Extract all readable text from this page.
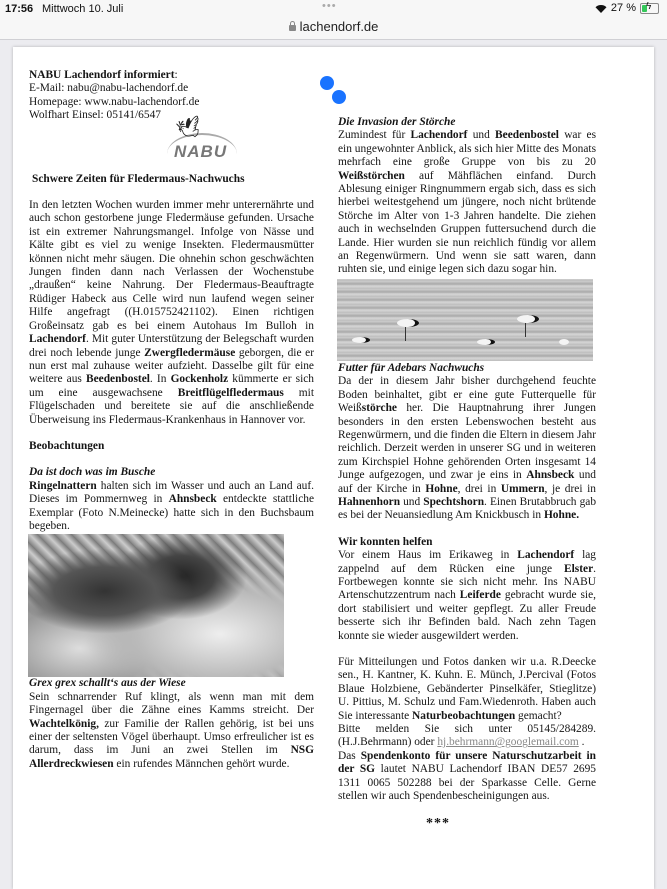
17:56 Mittwoch 10. Juli	•••	27 % ϟ
lachendorf.de

NABU Lachendorf informiert:
E-Mail: nabu@nabu-lachendorf.de
Homepage: www.nabu-lachendorf.de
Wolfhart Einsel: 05141/6547 🕊
NABU

Schwere Zeiten für Fledermaus-Nachwuchs

In den letzten Wochen wurden immer mehr unterernährte und auch schon gestorbene junge Fledermäuse gefunden. Ursache ist ein extremer Nahrungsmangel. Infolge von Nässe und Kälte gibt es viel zu wenige Insekten. Fledermausmütter können nicht mehr säugen. Die ohnehin schon geschwächten Jungen finden dann nach Verlassen der Wochenstube „draußen“ keine Nahrung. Der Fledermaus-Beauftragte Rüdiger Habeck aus Celle wird nun laufend wegen seiner Hilfe angefragt ((H.015752421102). Einen richtigen Großeinsatz gab es bei einem Autohaus Im Bulloh in Lachendorf. Mit guter Unterstützung der Belegschaft wurden drei noch lebende junge Zwergfledermäuse geborgen, die er nun erst mal zuhause weiter aufzieht. Dasselbe gilt für eine weitere aus Beedenbostel. In Gockenholz kümmerte er sich um eine ausgewachsene Breitflügelfledermaus mit Flügelschaden und bereitete sie auf die anschließende Überweisung ins Fledermaus-Krankenhaus in Hannover vor.

Beobachtungen

Da ist doch was im Busche

Ringelnattern halten sich im Wasser und auch an Land auf. Dieses im Pommernweg in Ahnsbeck entdeckte stattliche Exemplar (Foto N.Meinecke) hatte sich in den Buchsbaum begeben.

Grex grex schallt‘s aus der Wiese

Sein schnarrender Ruf klingt, als wenn man mit dem Fingernagel über die Zähne eines Kamms streicht. Der Wachtelkönig, zur Familie der Rallen gehörig, ist bei uns einer der seltensten Vögel überhaupt. Umso erfreulicher ist es darum, dass im Juni an zwei Stellen im NSG Allerdreckwiesen ein rufendes Männchen gehört wurde.

Die Invasion der Störche

Zumindest für Lachendorf und Beedenbostel war es ein ungewohnter Anblick, als sich hier Mitte des Monats mehrfach eine große Gruppe von bis zu 20 Weißstörchen auf Mähflächen einfand. Durch Ablesung einiger Ringnummern ergab sich, dass es sich hierbei weitestgehend um jüngere, noch nicht brütende Störche im Alter von 1-3 Jahren handelte. Die ziehen auch in wechselnden Gruppen futtersuchend durch die Lande. Hier wurden sie nun reichlich fündig vor allem an Regenwürmern. Und wenn sie satt waren, dann ruhten sie, und einige legen sich dazu sogar hin.

Futter für Adebars Nachwuchs

Da der in diesem Jahr bisher durchgehend feuchte Boden beinhaltet, gibt er eine gute Futterquelle für Weißstörche her. Die Hauptnahrung ihrer Jungen besonders in den ersten Lebenswochen besteht aus Regenwürmern, und die finden die Eltern in diesem Jahr reichlich. Derzeit werden in unserer SG und in weiteren zum Kirchspiel Hohne gehörenden Orten insgesamt 14 Junge aufgezogen, und zwar je eins in Ahnsbeck und auf der Kirche in Hohne, drei in Ummern, je drei in Hahnenhorn und Spechtshorn. Einen Brutabbruch gab es bei der Neuansiedlung Am Knickbusch in Hohne.

Wir konnten helfen

Vor einem Haus im Erikaweg in Lachendorf lag zappelnd auf dem Rücken eine junge Elster. Fortbewegen konnte sie sich nicht mehr. Ins NABU Artenschutzzentrum nach Leiferde gebracht wurde sie, dort stabilisiert und weiter gepflegt. Zu aller Freude besserte sich ihr Befinden bald. Nach zehn Tagen konnte sie wieder ausgewildert werden.

Für Mitteilungen und Fotos danken wir u.a. R.Deecke sen., H. Kantner, K. Kuhn. E. Münch, J.Percival (Fotos Blaue Holzbiene, Gebänderter Pinselkäfer, Stieglitze) U. Pittius, M. Schulz und Fam.Wiedenroth. Haben auch Sie interessante Naturbeobachtungen gemacht?

Bitte melden Sie sich unter 05145/284289. (H.J.Behrmann) oder hj.behrmann@googlemail.com .

Das Spendenkonto für unsere Naturschutzarbeit in der SG lautet NABU Lachendorf IBAN DE57 2695 1311 0065 502288 bei der Sparkasse Celle. Gerne stellen wir auch Spendenbescheinigungen aus.

***
